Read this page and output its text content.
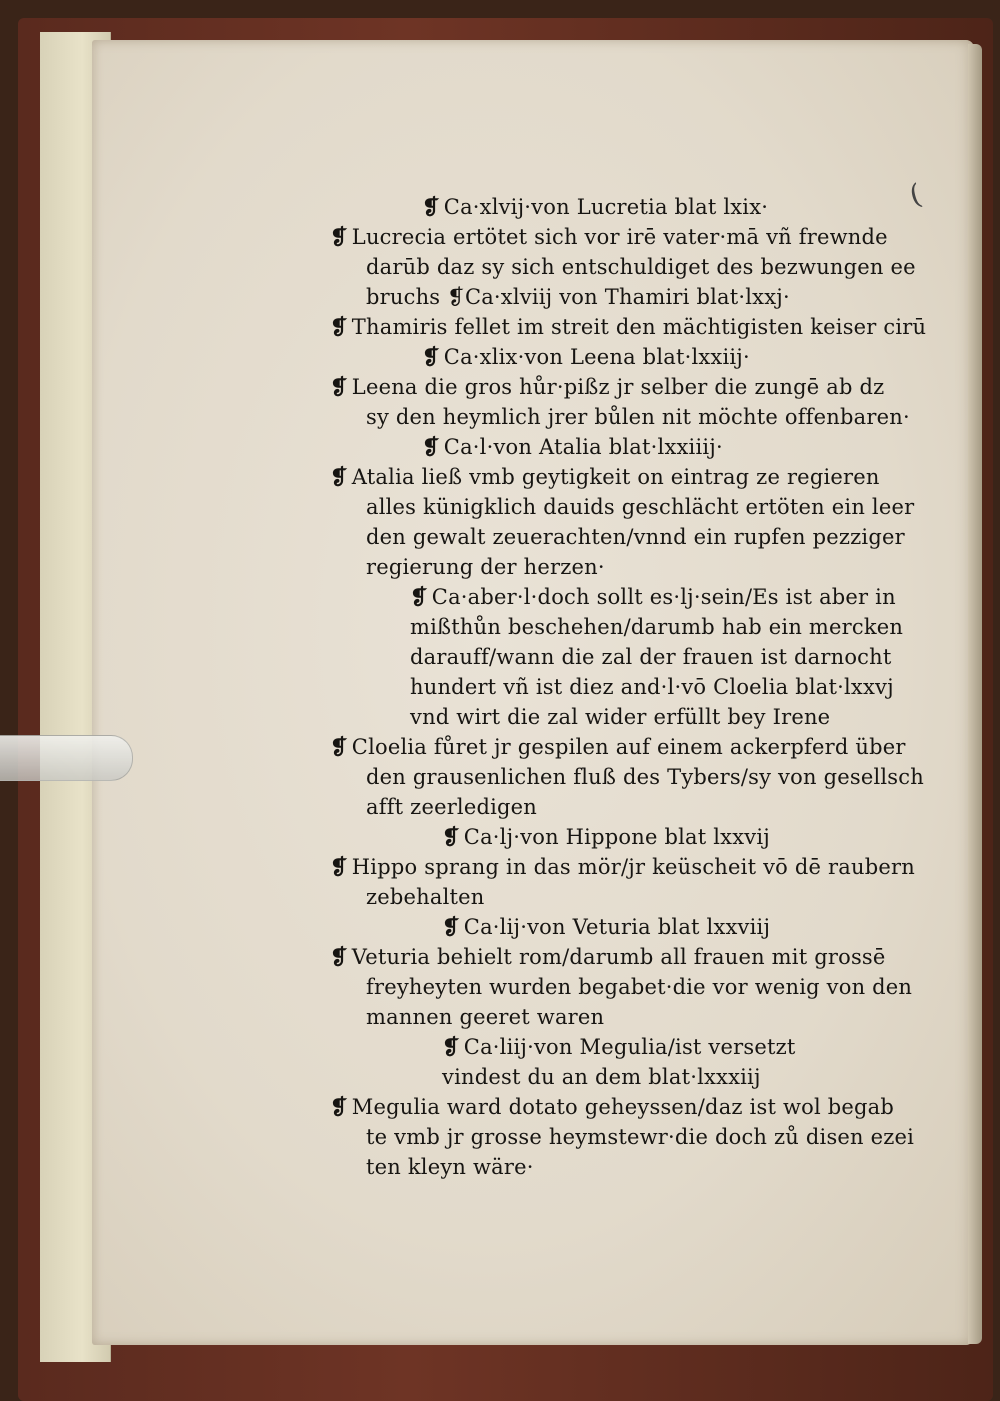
(
❡ Ca·xlvij·von Lucretia blat lxix·
❡ Lucrecia ertötet sich vor irē vater·mā vñ frewnde
darūb daz sy sich entschuldiget des bezwungen ee
bruchs ❡Ca·xlviij von Thamiri blat·lxxj·
❡ Thamiris fellet im streit den mächtigisten keiser cirū
❡ Ca·xlix·von Leena blat·lxxiij·
❡ Leena die gros hůr·pißz jr selber die zungē ab dz
sy den heymlich jrer bůlen nit möchte offenbaren·
❡ Ca·l·von Atalia blat·lxxiiij·
❡ Atalia ließ vmb geytigkeit on eintrag ze regieren
alles künigklich dauids geschlächt ertöten ein leer
den gewalt zeuerachten/vnnd ein rupfen pezziger
regierung der herzen·
❡ Ca·aber·l·doch sollt es·lj·sein/Es ist aber in
mißthůn beschehen/darumb hab ein mercken
darauff/wann die zal der frauen ist darnocht
hundert vñ ist diez and·l·vō Cloelia blat·lxxvj
vnd wirt die zal wider erfüllt bey Irene
❡ Cloelia fůret jr gespilen auf einem ackerpferd über
den grausenlichen fluß des Tybers/sy von gesellsch
afft zeerledigen
❡ Ca·lj·von Hippone blat lxxvij
❡ Hippo sprang in das mör/jr keüscheit vō dē raubern
zebehalten
❡ Ca·lij·von Veturia blat lxxviij
❡ Veturia behielt rom/darumb all frauen mit grossē
freyheyten wurden begabet·die vor wenig von den
mannen geeret waren
❡ Ca·liij·von Megulia/ist versetzt
vindest du an dem blat·lxxxiij
❡ Megulia ward dotato geheyssen/daz ist wol begab
te vmb jr grosse heymstewr·die doch zů disen ezei
ten kleyn wäre·
